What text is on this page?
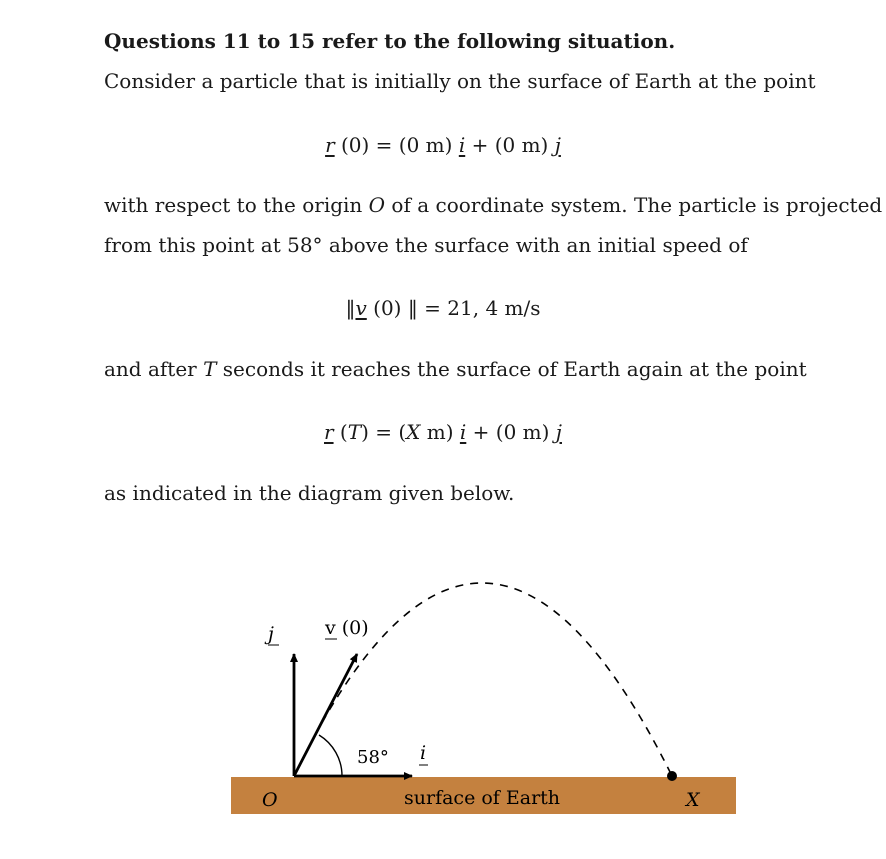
Questions 11 to 15 refer to the following situation.
Consider a particle that is initially on the surface of Earth at the point
r (0) = (0 m) i + (0 m) j
with respect to the origin O of a coordinate system. The particle is projected
from this point at 58° above the surface with an initial speed of
‖v (0) ‖ = 21, 4 m/s
and after T seconds it reaches the surface of Earth again at the point
r (T) = (X m) i + (0 m) j
as indicated in the diagram given below.
j	v (0)
58° i
O	surface of Earth	X
